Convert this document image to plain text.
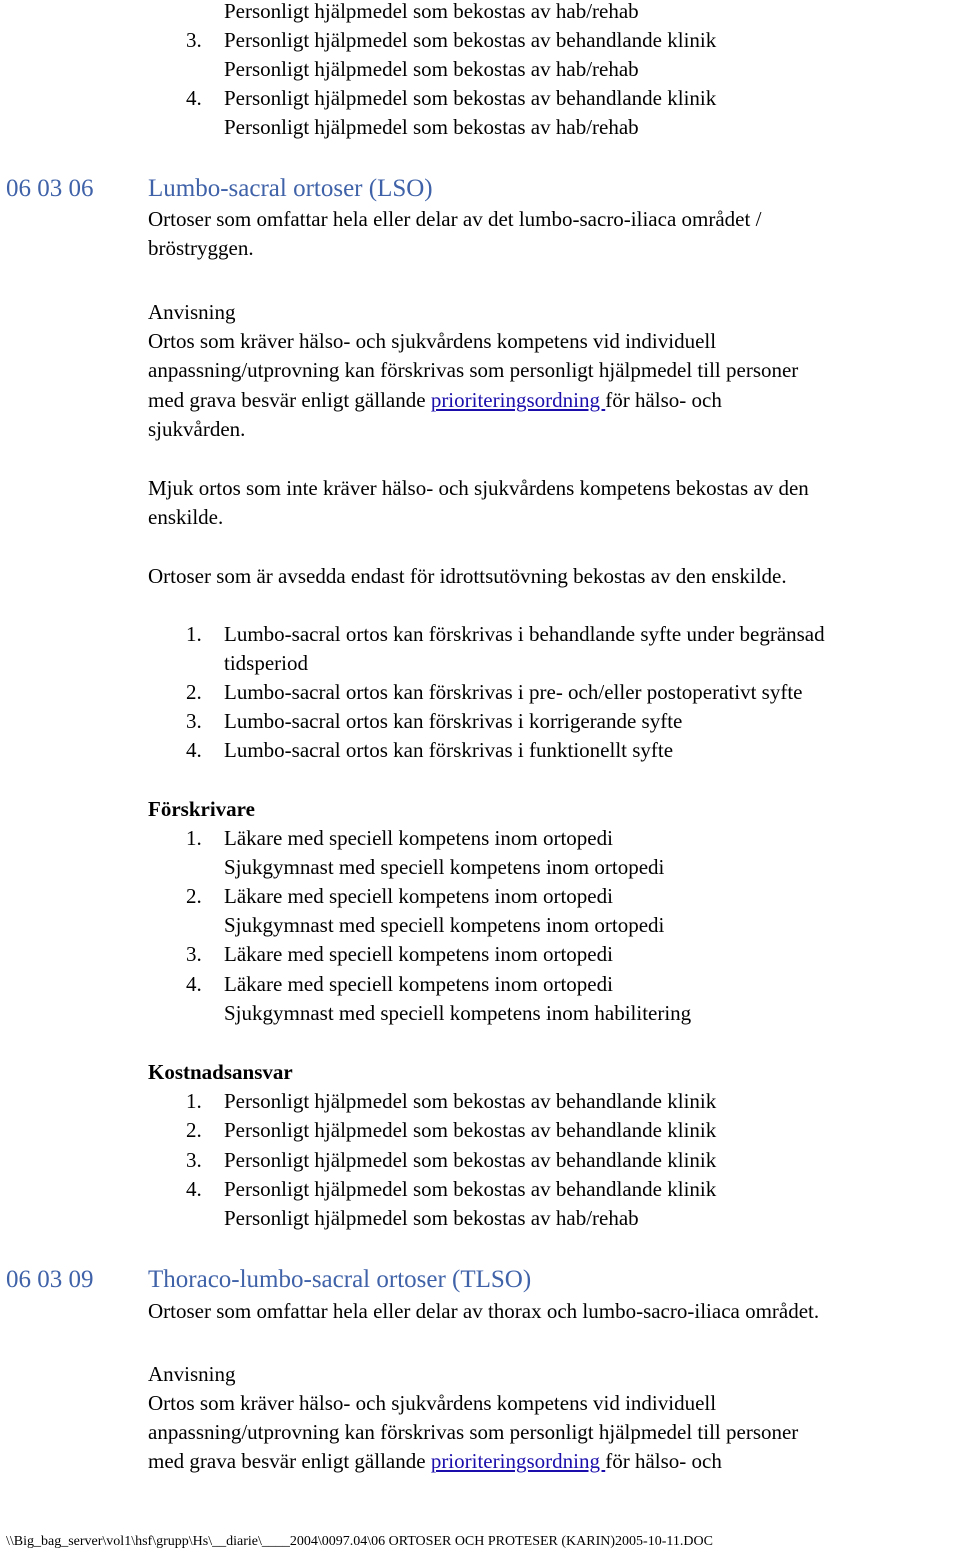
Personligt hjälpmedel som bekostas av hab/rehab
3. Personligt hjälpmedel som bekostas av behandlande klinik
Personligt hjälpmedel som bekostas av hab/rehab
4. Personligt hjälpmedel som bekostas av behandlande klinik
Personligt hjälpmedel som bekostas av hab/rehab
06 03 06 Lumbo-sacral ortoser (LSO)
Ortoser som omfattar hela eller delar av det lumbo-sacro-iliaca området /
bröstryggen.
Anvisning
Ortos som kräver hälso- och sjukvårdens kompetens vid individuell
anpassning/utprovning kan förskrivas som personligt hjälpmedel till personer
med grava besvär enligt gällande prioriteringsordning för hälso- och
sjukvården.
Mjuk ortos som inte kräver hälso- och sjukvårdens kompetens bekostas av den
enskilde.
Ortoser som är avsedda endast för idrottsutövning bekostas av den enskilde.
1. Lumbo-sacral ortos kan förskrivas i behandlande syfte under begränsad
tidsperiod
2. Lumbo-sacral ortos kan förskrivas i pre- och/eller postoperativt syfte
3. Lumbo-sacral ortos kan förskrivas i korrigerande syfte
4. Lumbo-sacral ortos kan förskrivas i funktionellt syfte
Förskrivare
1. Läkare med speciell kompetens inom ortopedi
Sjukgymnast med speciell kompetens inom ortopedi
2. Läkare med speciell kompetens inom ortopedi
Sjukgymnast med speciell kompetens inom ortopedi
3. Läkare med speciell kompetens inom ortopedi
4. Läkare med speciell kompetens inom ortopedi
Sjukgymnast med speciell kompetens inom habilitering
Kostnadsansvar
1. Personligt hjälpmedel som bekostas av behandlande klinik
2. Personligt hjälpmedel som bekostas av behandlande klinik
3. Personligt hjälpmedel som bekostas av behandlande klinik
4. Personligt hjälpmedel som bekostas av behandlande klinik
Personligt hjälpmedel som bekostas av hab/rehab
06 03 09 Thoraco-lumbo-sacral ortoser (TLSO)
Ortoser som omfattar hela eller delar av thorax och lumbo-sacro-iliaca området.
Anvisning
Ortos som kräver hälso- och sjukvårdens kompetens vid individuell
anpassning/utprovning kan förskrivas som personligt hjälpmedel till personer
med grava besvär enligt gällande prioriteringsordning för hälso- och
\\Big_bag_server\vol1\hsf\grupp\Hs\__diarie\____2004\0097.04\06 ORTOSER OCH PROTESER (KARIN)2005-10-11.DOC
